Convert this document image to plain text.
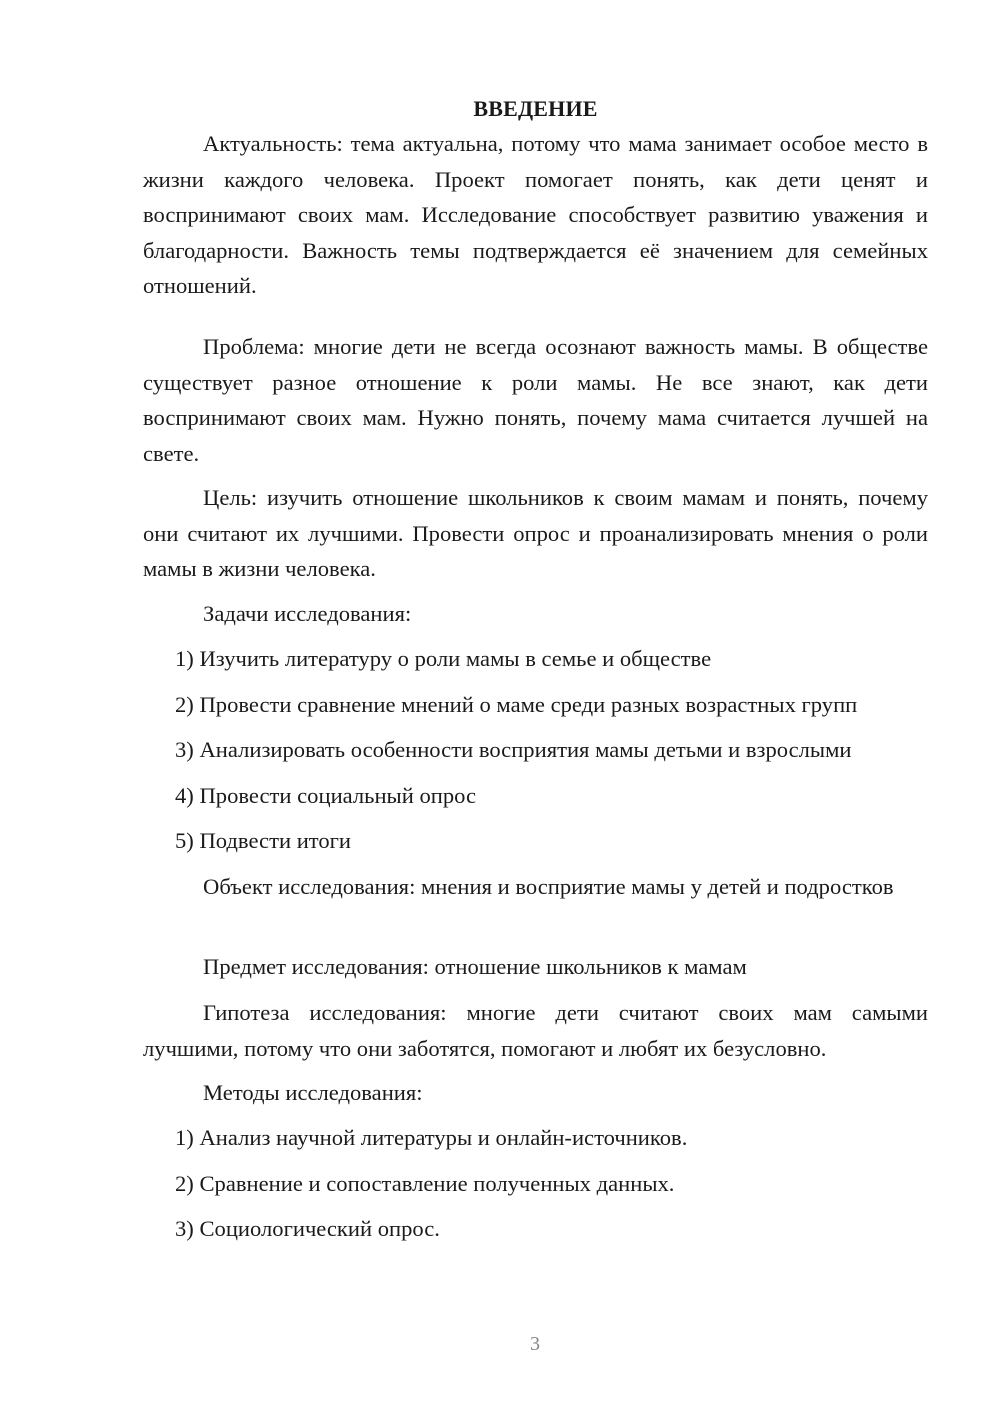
ВВЕДЕНИЕ

Актуальность: тема актуальна, потому что мама занимает особое место в жизни каждого человека. Проект помогает понять, как дети ценят и воспринимают своих мам. Исследование способствует развитию уважения и благодарности. Важность темы подтверждается её значением для семейных отношений.

Проблема: многие дети не всегда осознают важность мамы. В обществе существует разное отношение к роли мамы. Не все знают, как дети воспринимают своих мам. Нужно понять, почему мама считается лучшей на свете.

Цель: изучить отношение школьников к своим мамам и понять, почему они считают их лучшими. Провести опрос и проанализировать мнения о роли мамы в жизни человека.

Задачи исследования:
1) Изучить литературу о роли мамы в семье и обществе
2) Провести сравнение мнений о маме среди разных возрастных групп
3) Анализировать особенности восприятия мамы детьми и взрослыми
4) Провести социальный опрос
5) Подвести итоги

Объект исследования: мнения и восприятие мамы у детей и подростков

Предмет исследования: отношение школьников к мамам

Гипотеза исследования: многие дети считают своих мам самыми лучшими, потому что они заботятся, помогают и любят их безусловно.

Методы исследования:
1) Анализ научной литературы и онлайн-источников.
2) Сравнение и сопоставление полученных данных.
3) Социологический опрос.
3
